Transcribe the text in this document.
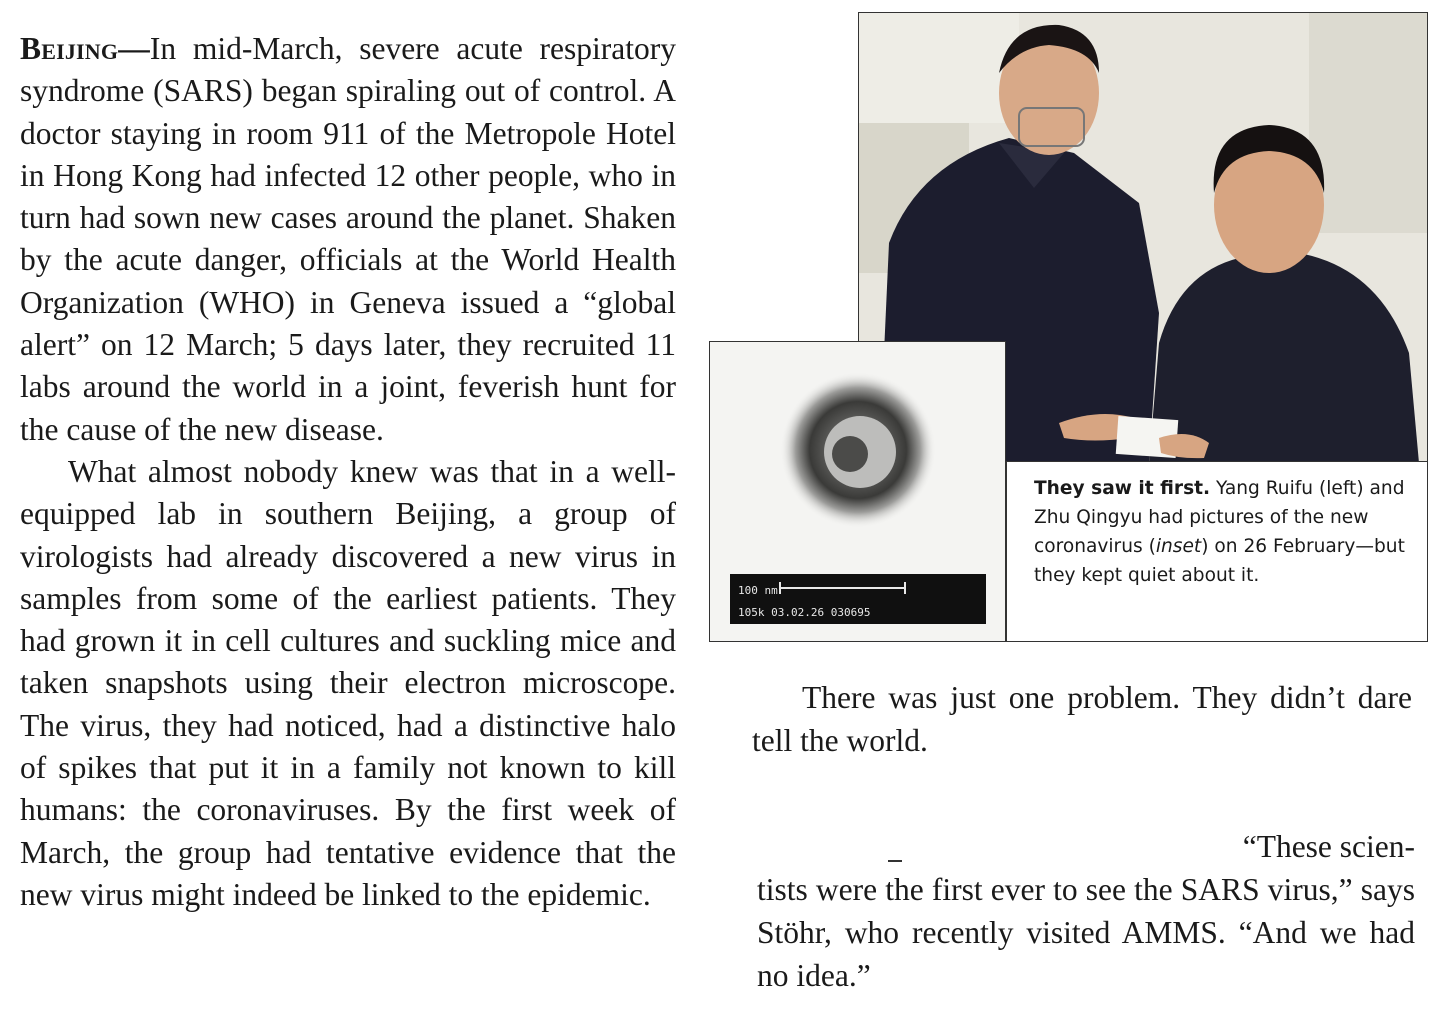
Beijing—In mid-March, severe acute respiratory syndrome (SARS) began spiraling out of control. A doctor staying in room 911 of the Metropole Hotel in Hong Kong had infected 12 other people, who in turn had sown new cases around the planet. Shaken by the acute danger, officials at the World Health Organization (WHO) in Geneva issued a “global alert” on 12 March; 5 days later, they recruited 11 labs around the world in a joint, feverish hunt for the cause of the new disease.

What almost nobody knew was that in a well-equipped lab in southern Beijing, a group of virologists had already discovered a new virus in samples from some of the earliest patients. They had grown it in cell cultures and suckling mice and taken snapshots using their electron microscope. The virus, they had noticed, had a distinctive halo of spikes that put it in a family not known to kill humans: the coronaviruses. By the first week of March, the group had tentative evidence that the new virus might indeed be linked to the epidemic.

100 nm
105k 03.02.26 030695
They saw it first. Yang Ruifu (left) and Zhu Qingyu had pictures of the new coronavirus (inset) on 26 February—but they kept quiet about it.

There was just one problem. They didn’t dare tell the world.

“These scien-
tists were the first ever to see the SARS virus,” says Stöhr, who recently visited AMMS. “And we had no idea.”
